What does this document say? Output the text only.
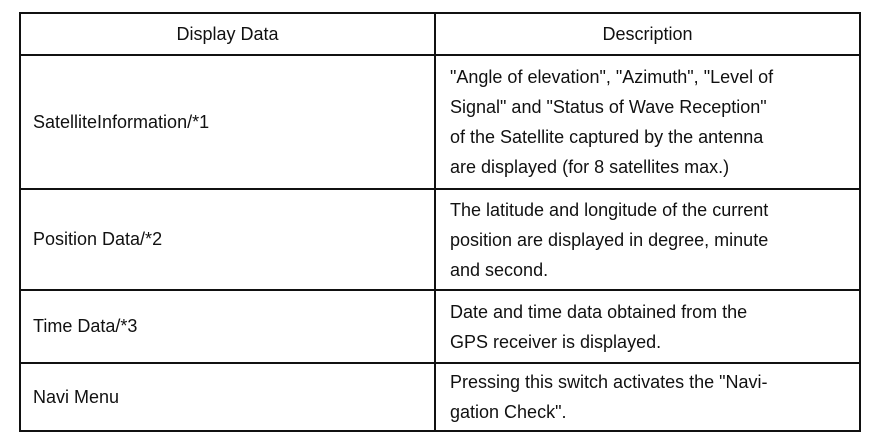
Display Data	Description
SatelliteInformation/*1	"Angle of elevation", "Azimuth", "Level of
Signal" and "Status of Wave Reception"
of the Satellite captured by the antenna
are displayed (for 8 satellites max.)

Position Data/*2	The latitude and longitude of the current
position are displayed in degree, minute
and second.

Time Data/*3	Date and time data obtained from the
GPS receiver is displayed.

Navi Menu	Pressing this switch activates the "Navi-
gation Check".
